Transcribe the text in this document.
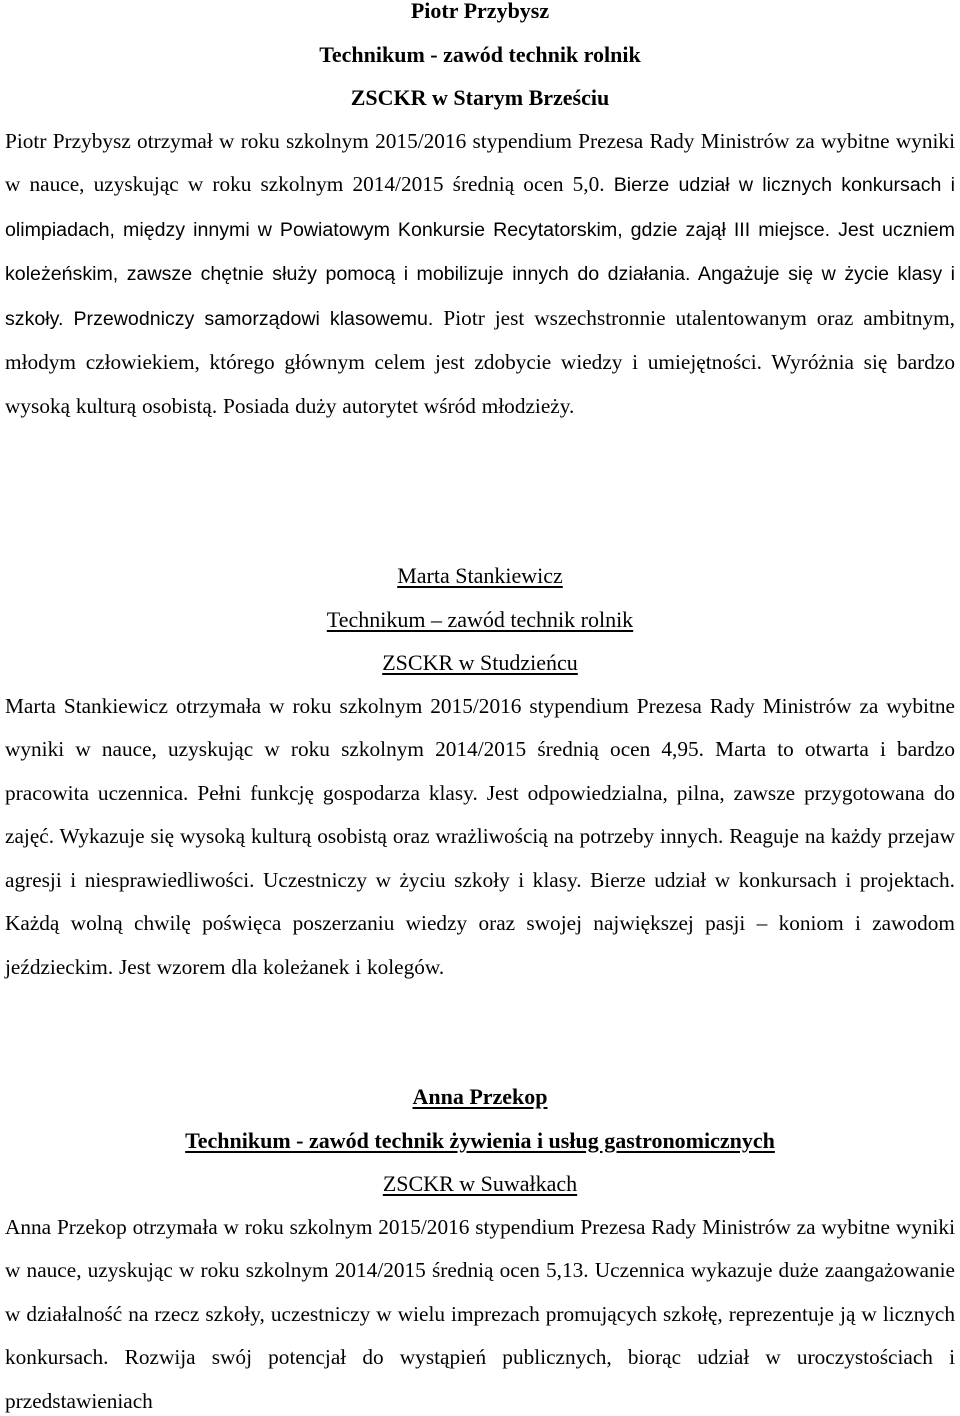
Piotr Przybysz

Technikum - zawód technik rolnik

ZSCKR w Starym Brześciu

Piotr Przybysz otrzymał w roku szkolnym 2015/2016 stypendium Prezesa Rady Ministrów za wybitne wyniki w nauce, uzyskując w roku szkolnym 2014/2015 średnią ocen 5,0. Bierze udział w licznych konkursach i olimpiadach, między innymi w Powiatowym Konkursie Recytatorskim, gdzie zajął III miejsce. Jest uczniem koleżeńskim, zawsze chętnie służy pomocą i mobilizuje innych do działania. Angażuje się w życie klasy i szkoły. Przewodniczy samorządowi klasowemu. Piotr jest wszechstronnie utalentowanym oraz ambitnym, młodym człowiekiem, którego głównym celem jest zdobycie wiedzy i umiejętności. Wyróżnia się bardzo wysoką kulturą osobistą. Posiada duży autorytet wśród młodzieży.

Marta Stankiewicz

Technikum – zawód technik rolnik

ZSCKR w Studzieńcu

Marta Stankiewicz otrzymała w roku szkolnym 2015/2016 stypendium Prezesa Rady Ministrów za wybitne wyniki w nauce, uzyskując w roku szkolnym 2014/2015 średnią ocen 4,95. Marta to otwarta i bardzo pracowita uczennica. Pełni funkcję gospodarza klasy. Jest odpowiedzialna, pilna, zawsze przygotowana do zajęć. Wykazuje się wysoką kulturą osobistą oraz wrażliwością na potrzeby innych. Reaguje na każdy przejaw agresji i niesprawiedliwości. Uczestniczy w życiu szkoły i klasy. Bierze udział w konkursach i projektach. Każdą wolną chwilę poświęca poszerzaniu wiedzy oraz swojej największej pasji – koniom i zawodom jeździeckim. Jest wzorem dla koleżanek i kolegów.

Anna Przekop

Technikum - zawód technik żywienia i usług gastronomicznych

ZSCKR w Suwałkach

Anna Przekop otrzymała w roku szkolnym 2015/2016 stypendium Prezesa Rady Ministrów za wybitne wyniki w nauce, uzyskując w roku szkolnym 2014/2015 średnią ocen 5,13. Uczennica wykazuje duże zaangażowanie w działalność na rzecz szkoły, uczestniczy w wielu imprezach promujących szkołę, reprezentuje ją w licznych konkursach. Rozwija swój potencjał do wystąpień publicznych, biorąc udział w uroczystościach i przedstawieniach
